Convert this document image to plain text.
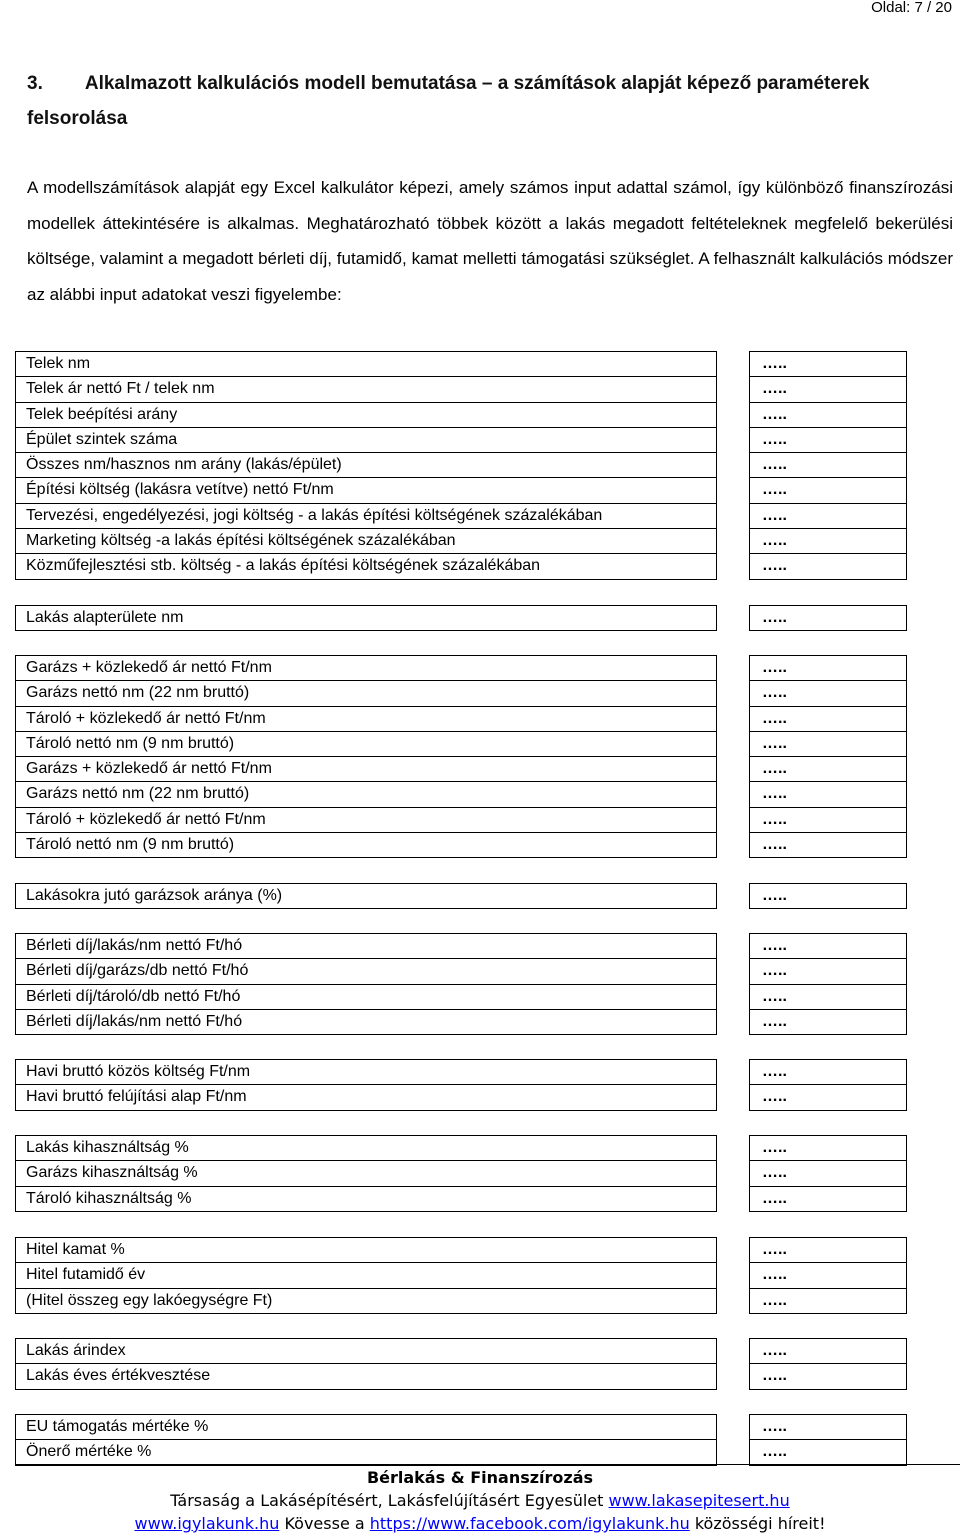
Oldal: 7 / 20
3. Alkalmazott kalkulációs modell bemutatása – a számítások alapját képező paraméterek felsorolása
A modellszámítások alapját egy Excel kalkulátor képezi, amely számos input adattal számol, így különböző finanszírozási modellek áttekintésére is alkalmas. Meghatározható többek között a lakás megadott feltételeknek megfelelő bekerülési költsége, valamint a megadott bérleti díj, futamidő, kamat melletti támogatási szükséglet. A felhasznált kalkulációs módszer az alábbi input adatokat veszi figyelembe:
Telek nm	…..
Telek ár nettó Ft / telek nm	…..
Telek beépítési arány	…..
Épület szintek száma	…..
Összes nm/hasznos nm arány (lakás/épület)	…..
Építési költség (lakásra vetítve) nettó Ft/nm	…..
Tervezési, engedélyezési, jogi költség - a lakás építési költségének százalékában	…..
Marketing költség -a lakás építési költségének százalékában	…..
Közműfejlesztési stb. költség - a lakás építési költségének százalékában	…..
Lakás alapterülete nm	…..
Garázs + közlekedő ár nettó Ft/nm	…..
Garázs nettó nm (22 nm bruttó)	…..
Tároló + közlekedő ár nettó Ft/nm	…..
Tároló nettó nm (9 nm bruttó)	…..
Garázs + közlekedő ár nettó Ft/nm	…..
Garázs nettó nm (22 nm bruttó)	…..
Tároló + közlekedő ár nettó Ft/nm	…..
Tároló nettó nm (9 nm bruttó)	…..
Lakásokra jutó garázsok aránya (%)	…..
Bérleti díj/lakás/nm nettó Ft/hó	…..
Bérleti díj/garázs/db nettó Ft/hó	…..
Bérleti díj/tároló/db nettó Ft/hó	…..
Bérleti díj/lakás/nm nettó Ft/hó	…..
Havi bruttó közös költség Ft/nm	…..
Havi bruttó felújítási alap Ft/nm	…..
Lakás kihasználtság %	…..
Garázs kihasználtság %	…..
Tároló kihasználtság %	…..
Hitel kamat %	…..
Hitel futamidő év	…..
(Hitel összeg egy lakóegységre Ft)	…..
Lakás árindex	…..
Lakás éves értékvesztése	…..
EU támogatás mértéke %	…..
Önerő mértéke %	…..
Bérlakás & Finanszírozás
Társaság a Lakásépítésért, Lakásfelújításért Egyesület www.lakasepitesert.hu
www.igylakunk.hu Kövesse a https://www.facebook.com/igylakunk.hu közösségi híreit!
